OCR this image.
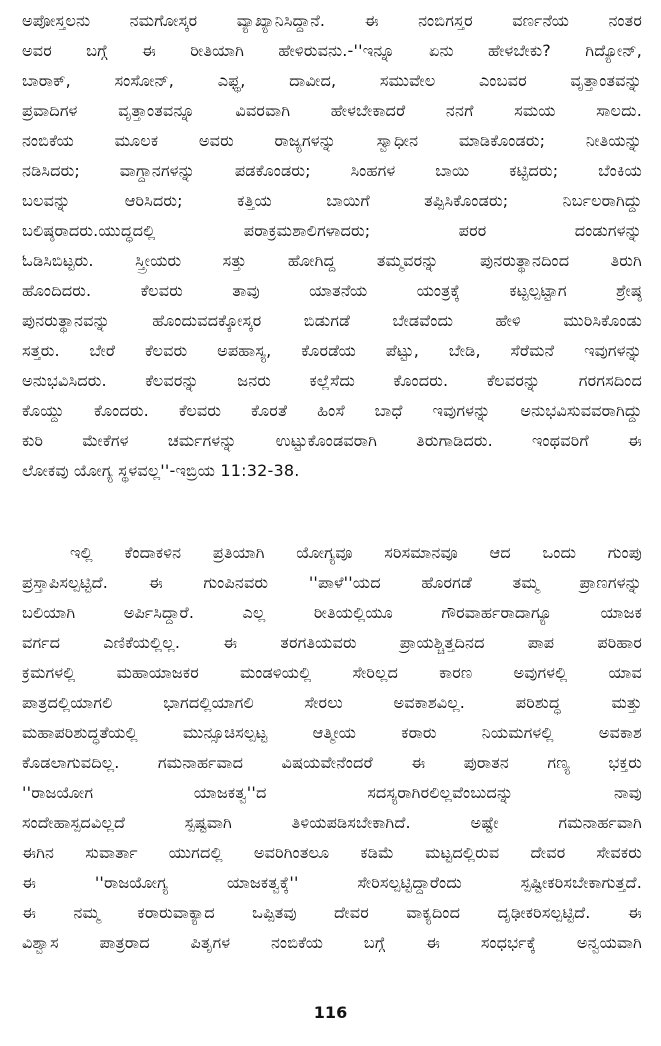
ಅಪೋಸ್ತಲನು ನಮಗೋಸ್ಕರ ವ್ಯಾಖ್ಯಾನಿಸಿದ್ದಾನೆ. ಈ ನಂಬಿಗಸ್ತರ ವರ್ಣನೆಯ ನಂತರ
ಅವರ ಬಗ್ಗೆ ಈ ರೀತಿಯಾಗಿ ಹೇಳಿರುವನು.-''ಇನ್ನೂ ಏನು ಹೇಳಬೇಕು? ಗಿದ್ಯೋನ್,
ಬಾರಾಕ್, ಸಂಸೋನ್, ಎಫ್ಥ, ದಾವೀದ, ಸಮುವೇಲ ಎಂಬವರ ವೃತ್ತಾಂತವನ್ನು
ಪ್ರವಾದಿಗಳ ವೃತ್ತಾಂತವನ್ನೂ ವಿವರವಾಗಿ ಹೇಳಬೇಕಾದರೆ ನನಗೆ ಸಮಯ ಸಾಲದು.
ನಂಬಿಕೆಯ ಮೂಲಕ ಅವರು ರಾಜ್ಯಗಳನ್ನು ಸ್ವಾಧೀನ ಮಾಡಿಕೊಂಡರು; ನೀತಿಯನ್ನು
ನಡಿಸಿದರು; ವಾಗ್ದಾನಗಳನ್ನು ಪಡಕೊಂಡರು; ಸಿಂಹಗಳ ಬಾಯಿ ಕಟ್ಟಿದರು; ಬೆಂಕಿಯ
ಬಲವನ್ನು ಆರಿಸಿದರು; ಕತ್ತಿಯ ಬಾಯಿಗೆ ತಪ್ಪಿಸಿಕೊಂಡರು; ನಿರ್ಬಲರಾಗಿದ್ದು
ಬಲಿಷ್ಠರಾದರು.ಯುದ್ಧದಲ್ಲಿ ಪರಾಕ್ರಮಶಾಲಿಗಳಾದರು; ಪರರ ದಂಡುಗಳನ್ನು
ಓಡಿಸಿಬಿಟ್ಟರು. ಸ್ತ್ರೀಯರು ಸತ್ತು ಹೋಗಿದ್ದ ತಮ್ಮವರನ್ನು ಪುನರುತ್ಥಾನದಿಂದ ತಿರುಗಿ
ಹೊಂದಿದರು. ಕೆಲವರು ತಾವು ಯಾತನೆಯ ಯಂತ್ರಕ್ಕೆ ಕಟ್ಟಲ್ಪಟ್ಟಾಗ ಶ್ರೇಷ್ಠ
ಪುನರುತ್ಥಾನವನ್ನು ಹೊಂದುವದಕ್ಕೋಸ್ಕರ ಬಿಡುಗಡೆ ಬೇಡವೆಂದು ಹೇಳಿ ಮುರಿಸಿಕೊಂಡು
ಸತ್ತರು. ಬೇರೆ ಕೆಲವರು ಅಪಹಾಸ್ಯ, ಕೊರಡೆಯ ಪೆಟ್ಟು, ಬೇಡಿ, ಸೆರೆಮನೆ ಇವುಗಳನ್ನು
ಅನುಭವಿಸಿದರು. ಕೆಲವರನ್ನು ಜನರು ಕಲ್ಲೆಸೆದು ಕೊಂದರು. ಕೆಲವರನ್ನು ಗರಗಸದಿಂದ
ಕೊಯ್ದು ಕೊಂದರು. ಕೆಲವರು ಕೊರತೆ ಹಿಂಸೆ ಬಾಧೆ ಇವುಗಳನ್ನು ಅನುಭವಿಸುವವರಾಗಿದ್ದು
ಕುರಿ ಮೇಕೆಗಳ ಚರ್ಮಗಳನ್ನು ಉಟ್ಟುಕೊಂಡವರಾಗಿ ತಿರುಗಾಡಿದರು. ಇಂಥವರಿಗೆ ಈ
ಲೋಕವು ಯೋಗ್ಯ ಸ್ಥಳವಲ್ಲ''-ಇಬ್ರಿಯ 11:32-38.
ಇಲ್ಲಿ ಕೆಂದಾಕಳಿನ ಪ್ರತಿಯಾಗಿ ಯೋಗ್ಯವೂ ಸರಿಸಮಾನವೂ ಆದ ಒಂದು ಗುಂಪು
ಪ್ರಸ್ತಾಪಿಸಲ್ಪಟ್ಟಿದೆ. ಈ ಗುಂಪಿನವರು ''ಪಾಳೆ''ಯದ ಹೊರಗಡೆ ತಮ್ಮ ಪ್ರಾಣಗಳನ್ನು
ಬಲಿಯಾಗಿ ಅರ್ಪಿಸಿದ್ದಾರೆ. ಎಲ್ಲ ರೀತಿಯಲ್ಲಿಯೂ ಗೌರವಾರ್ಹರಾದಾಗ್ಯೂ ಯಾಜಕ
ವರ್ಗದ ಎಣಿಕೆಯಲ್ಲಿಲ್ಲ. ಈ ತರಗತಿಯವರು ಪ್ರಾಯಶ್ಚಿತ್ತದಿನದ ಪಾಪ ಪರಿಹಾರ
ಕ್ರಮಗಳಲ್ಲಿ ಮಹಾಯಾಜಕರ ಮಂಡಳಿಯಲ್ಲಿ ಸೇರಿಲ್ಲದ ಕಾರಣ ಅವುಗಳಲ್ಲಿ ಯಾವ
ಪಾತ್ರದಲ್ಲಿಯಾಗಲಿ ಭಾಗದಲ್ಲಿಯಾಗಲಿ ಸೇರಲು ಅವಕಾಶವಿಲ್ಲ. ಪರಿಶುದ್ಧ ಮತ್ತು
ಮಹಾಪರಿಶುದ್ಧತೆಯಲ್ಲಿ ಮುನ್ಸೂಚಿಸಲ್ಪಟ್ಟ ಆತ್ಮೀಯ ಕರಾರು ನಿಯಮಗಳಲ್ಲಿ ಅವಕಾಶ
ಕೊಡಲಾಗುವದಿಲ್ಲ. ಗಮನಾರ್ಹವಾದ ವಿಷಯವೇನೆಂದರೆ ಈ ಪುರಾತನ ಗಣ್ಯ ಭಕ್ತರು
''ರಾಜಯೋಗ ಯಾಜಕತ್ವ''ದ ಸದಸ್ಯರಾಗಿರಲಿಲ್ಲವೆಂಬುದನ್ನು ನಾವು
ಸಂದೇಹಾಸ್ಪದವಿಲ್ಲದೆ ಸ್ಪಷ್ಟವಾಗಿ ತಿಳಿಯಪಡಿಸಬೇಕಾಗಿದೆ. ಅಷ್ಟೇ ಗಮನಾರ್ಹವಾಗಿ
ಈಗಿನ ಸುವಾರ್ತಾ ಯುಗದಲ್ಲಿ ಅವರಿಗಿಂತಲೂ ಕಡಿಮೆ ಮಟ್ಟದಲ್ಲಿರುವ ದೇವರ ಸೇವಕರು
ಈ ''ರಾಜಯೋಗ್ಯ ಯಾಜಕತ್ವಕ್ಕೆ'' ಸೇರಿಸಲ್ಪಟ್ಟಿದ್ದಾರೆಂದು ಸ್ಪಷ್ಟೀಕರಿಸಬೇಕಾಗುತ್ತದೆ.
ಈ ನಮ್ಮ ಕರಾರುವಾಕ್ಯಾದ ಒಪ್ಪಿತವು ದೇವರ ವಾಕ್ಯದಿಂದ ದೃಢೀಕರಿಸಲ್ಪಟ್ಟಿದೆ. ಈ
ವಿಶ್ವಾಸ ಪಾತ್ರರಾದ ಪಿತೃಗಳ ನಂಬಿಕೆಯ ಬಗ್ಗೆ ಈ ಸಂಧರ್ಭಕ್ಕೆ ಅನ್ವಯವಾಗಿ
116
